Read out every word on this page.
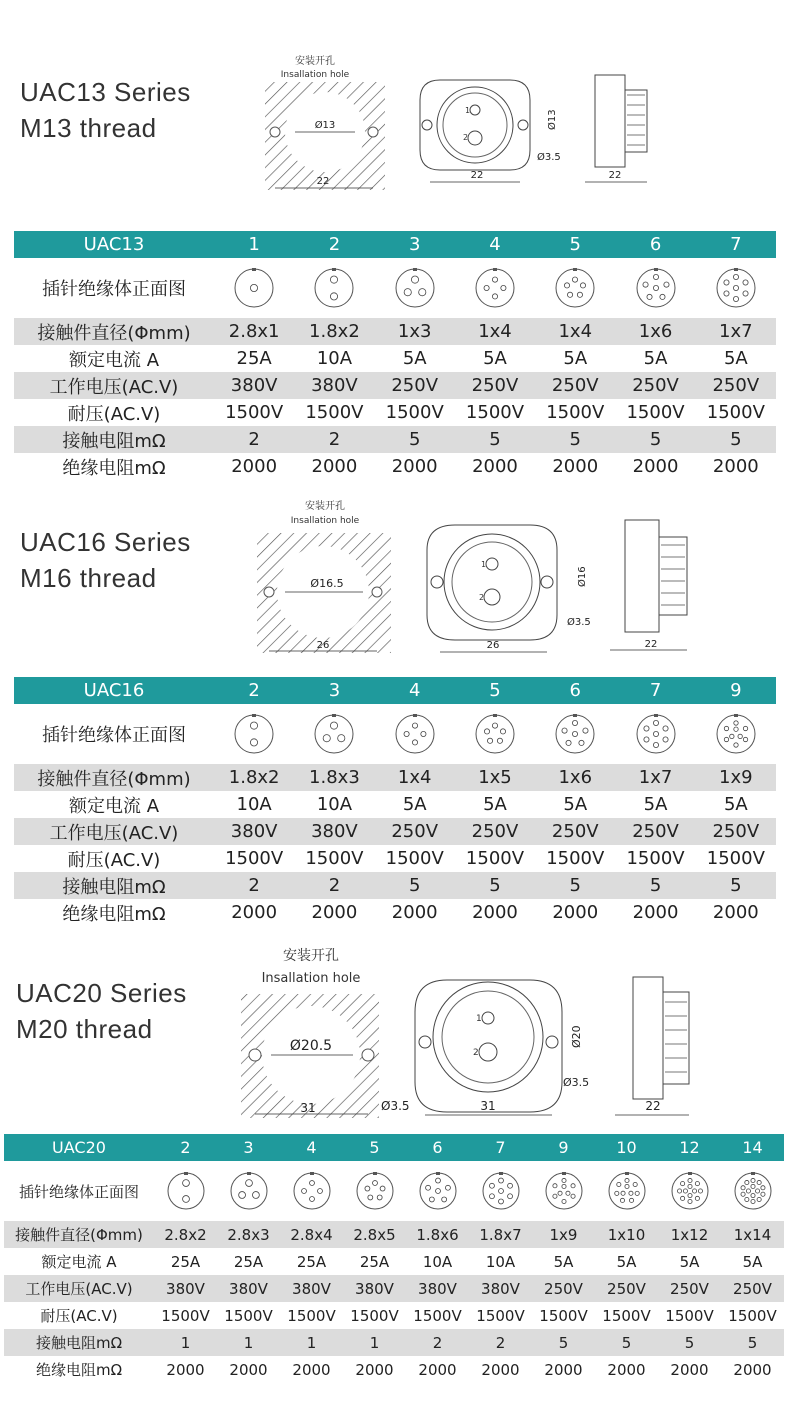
UAC13 Series
M13 thread
安装开孔
Insallation hole
Ø13
22
1
2
22
Ø13
Ø3.5
22
UAC13	1	2	3	4	5	6	7
插针绝缘体正面图
接触件直径(Φmm)	2.8x1	1.8x2	1x3	1x4	1x4	1x6	1x7
额定电流 A	25A	10A	5A	5A	5A	5A	5A
工作电压(AC.V)	380V	380V	250V	250V	250V	250V	250V
耐压(AC.V)	1500V	1500V	1500V	1500V	1500V	1500V	1500V
接触电阻mΩ	2	2	5	5	5	5	5
绝缘电阻mΩ	2000	2000	2000	2000	2000	2000	2000
UAC16 Series
M16 thread
安装开孔
Insallation hole
Ø16.5
26
1
2
26
Ø16
Ø3.5
22
UAC16	2	3	4	5	6	7	9
插针绝缘体正面图
接触件直径(Φmm)	1.8x2	1.8x3	1x4	1x5	1x6	1x7	1x9
额定电流 A	10A	10A	5A	5A	5A	5A	5A
工作电压(AC.V)	380V	380V	250V	250V	250V	250V	250V
耐压(AC.V)	1500V	1500V	1500V	1500V	1500V	1500V	1500V
接触电阻mΩ	2	2	5	5	5	5	5
绝缘电阻mΩ	2000	2000	2000	2000	2000	2000	2000
UAC20 Series
M20 thread
安装开孔
Insallation hole
Ø20.5
31	Ø3.5
1
2
31
Ø20
Ø3.5
22
UAC20	2	3	4	5	6	7	9	10	12	14
插针绝缘体正面图
接触件直径(Φmm)	2.8x2	2.8x3	2.8x4	2.8x5	1.8x6	1.8x7	1x9	1x10	1x12	1x14
额定电流 A	25A	25A	25A	25A	10A	10A	5A	5A	5A	5A
工作电压(AC.V)	380V	380V	380V	380V	380V	380V	250V	250V	250V	250V
耐压(AC.V)	1500V 1500V 1500V 1500V 1500V 1500V 1500V 1500V 1500V 1500V
接触电阻mΩ	1	1	1	1	2	2	5	5	5	5
绝缘电阻mΩ	2000	2000	2000	2000	2000	2000	2000	2000	2000	2000
